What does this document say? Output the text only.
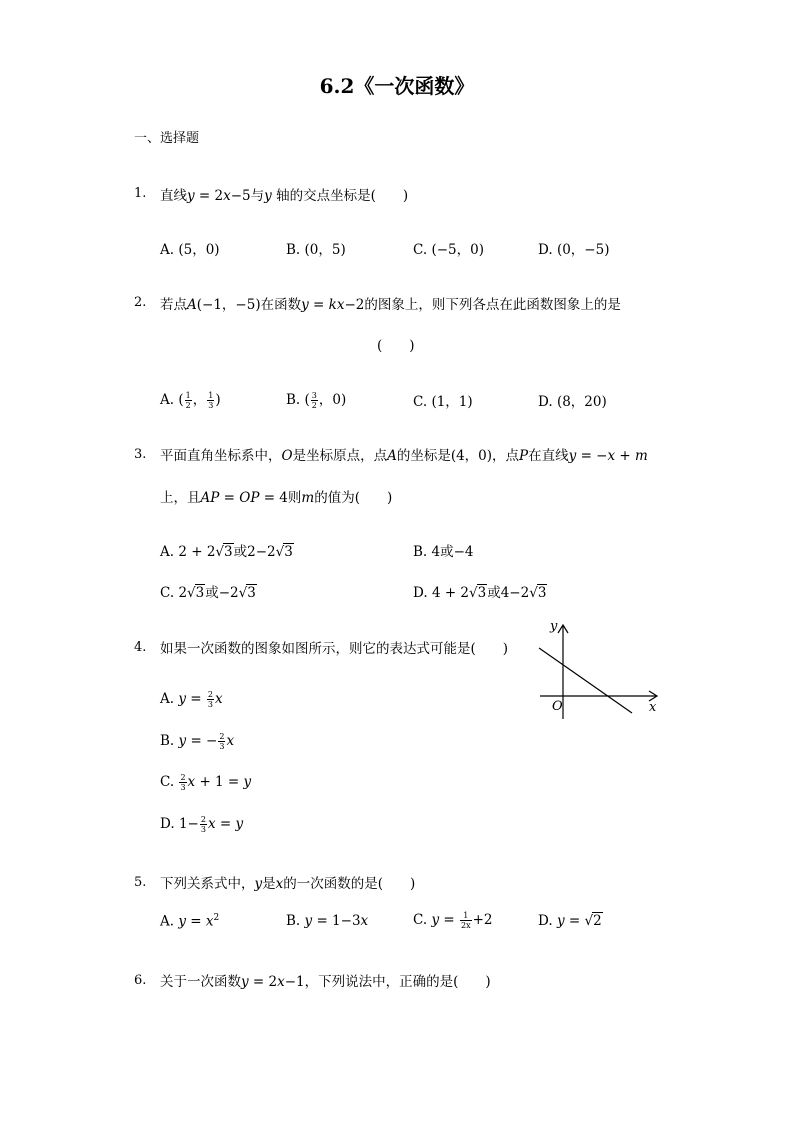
6.2《一次函数》
一、选择题
1. 直线y = 2x−5与y 轴的交点坐标是(　　)
A. (5，0)	B. (0，5)	C. (−5，0)	D. (0，−5)
2. 若点A(−1，−5)在函数y = kx−2的图象上，则下列各点在此函数图象上的是
(　　)
A. ( $\frac{1}{2}$ ， $\frac{1}{3}$ )	B. ( $\frac{3}{2}$ ，0)	C. (1，1)	D. (8，20)
3. 平面直角坐标系中，O是坐标原点，点A的坐标是(4，0)，点P在直线y = −x + m
上，且AP = OP = 4则m的值为(　　)
A. 2 + 2√3或2−2√3	B. 4或−4
C. 2√3或−2√3	D. 4 + 2√3或4−2√3
4. 如果一次函数的图象如图所示，则它的表达式可能是(　　)
y
x
O
A. $y = \frac{2}{3}$ x
B. y = − $\frac{2}{3}$ x
C. $\frac{2}{3}$ x + 1 = y
D. $1- \frac{2}{3}$ x = y
5. 下列关系式中，y是x的一次函数的是(　　)
A. $y = x^2$	B. y = 1−3x	C. $y = \frac{1}{2x} +2$	D. y = √2
6. 关于一次函数y = 2x−1，下列说法中，正确的是(　　)
